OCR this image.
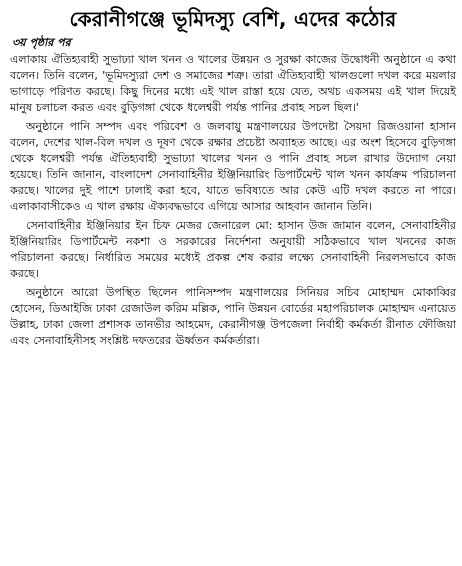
কেরানীগঞ্জে ভূমিদস্যু বেশি, এদের কঠোর
৩য় পৃষ্ঠার পর

এলাকায় ঐতিহ্যবাহী সুভাঢ্যা খাল খনন ও খালের উন্নয়ন ও সুরক্ষা কাজের উদ্বোধনী অনুষ্ঠানে এ কথা বলেন। তিনি বলেন, 'ভূমিদস্যুরা দেশ ও সমাজের শত্রু। তারা ঐতিহ্যবাহী খালগুলো দখল করে ময়লার ভাগাড়ে পরিণত করছে। কিছু দিনের মধ্যে এই খাল রাস্তা হয়ে যেত, অথচ একসময় এই খাল দিয়েই মানুষ চলাচল করত এবং বুড়িগঙ্গা থেকে ধলেশ্বরী পর্যন্ত পানির প্রবাহ সচল ছিল।'

অনুষ্ঠানে পানি সম্পদ এবং পরিবেশ ও জলবায়ু মন্ত্রণালয়ের উপদেষ্টা সৈয়দা রিজওয়ানা হাসান বলেন, দেশের খাল-বিল দখল ও দূষণ থেকে রক্ষার প্রচেষ্টা অব্যাহত আছে। এর অংশ হিসেবে বুড়িগঙ্গা থেকে ধলেশ্বরী পর্যন্ত ঐতিহ্যবাহী সুভাঢ্যা খালের খনন ও পানি প্রবাহ সচল রাখার উদ্যোগ নেয়া হয়েছে। তিনি জানান, বাংলাদেশ সেনাবাহিনীর ইঞ্জিনিয়ারিং ডিপার্টমেন্ট খাল খনন কার্যক্রম পরিচালনা করছে। খালের দুই পাশে ঢালাই করা হবে, যাতে ভবিষ্যতে আর কেউ এটি দখল করতে না পারে। এলাকাবাসীকেও এ খাল রক্ষায় ঐক্যবদ্ধভাবে এগিয়ে আসার আহবান জানান তিনি।

সেনাবাহিনীর ইঞ্জিনিয়ার ইন চিফ মেজর জেনারেল মো: হাসান উজ জামান বলেন, সেনাবাহিনীর ইঞ্জিনিয়ারিং ডিপার্টমেন্ট নকশা ও সরকারের নির্দেশনা অনুযায়ী সঠিকভাবে খাল খননের কাজ পরিচালনা করছে। নির্ধারিত সময়ের মধ্যেই প্রকল্প শেষ করার লক্ষ্যে সেনাবাহিনী নিরলসভাবে কাজ করছে।

অনুষ্ঠানে আরো উপস্থিত ছিলেন পানিসম্পদ মন্ত্রণালয়ের সিনিয়র সচিব মোহাম্মদ মোকাব্বির হোসেন, ডিআইজি ঢাকা রেজাউল করিম মল্লিক, পানি উন্নয়ন বোর্ডের মহাপরিচালক মোহাম্মদ এনায়েত উল্লাহ, ঢাকা জেলা প্রশাসক তানভীর আহমেদ, কেরানীগঞ্জ উপজেলা নির্বাহী কর্মকর্তা রীনাত ফৌজিয়া এবং সেনাবাহিনীসহ সংশ্লিষ্ট দফতরের ঊর্ধ্বতন কর্মকর্তারা।
